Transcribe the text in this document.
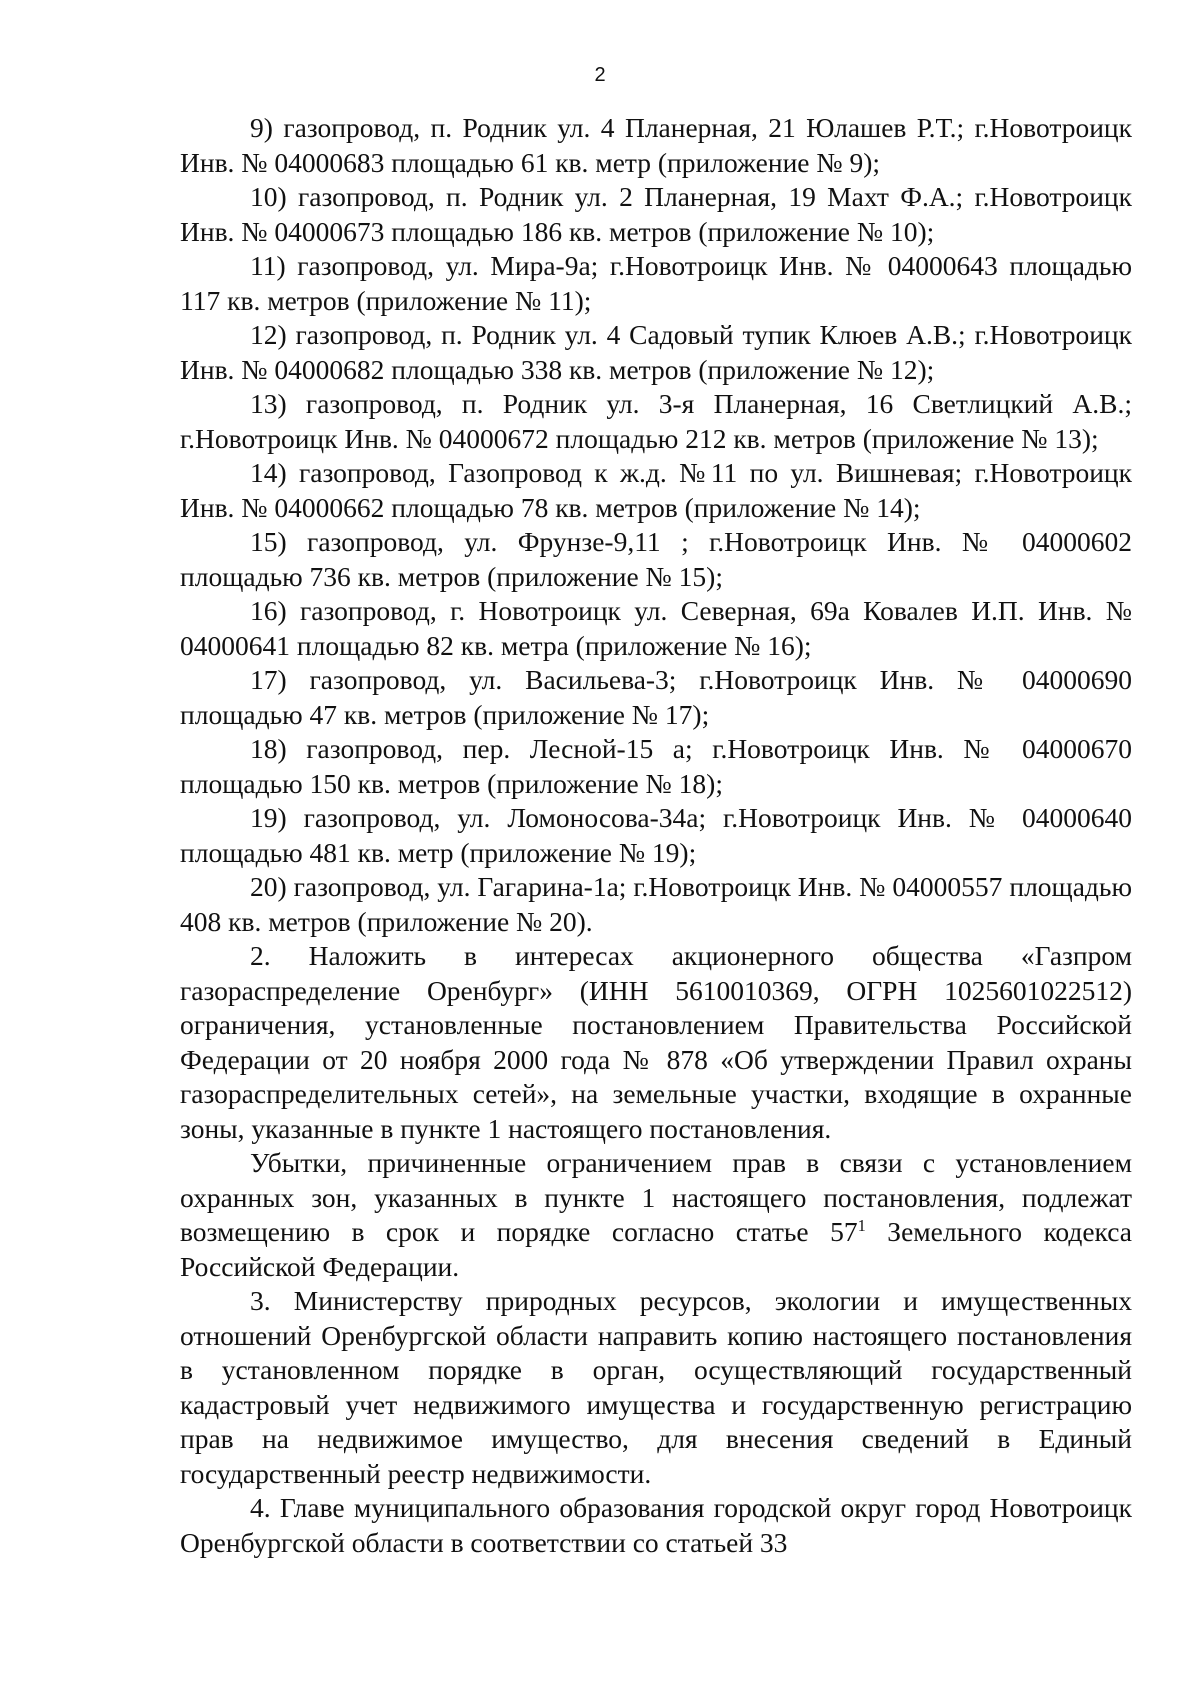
2

9) газопровод, п. Родник ул. 4 Планерная, 21 Юлашев Р.Т.; г.Новотроицк Инв. № 04000683 площадью 61 кв. метр (приложение № 9);

10) газопровод, п. Родник ул. 2 Планерная, 19 Махт Ф.А.; г.Новотроицк Инв. № 04000673 площадью 186 кв. метров (приложение № 10);

11) газопровод, ул. Мира-9а; г.Новотроицк Инв. № 04000643 площадью 117 кв. метров (приложение № 11);

12) газопровод, п. Родник ул. 4 Садовый тупик Клюев А.В.; г.Новотроицк Инв. № 04000682 площадью 338 кв. метров (приложение № 12);

13) газопровод, п. Родник ул. 3-я Планерная, 16 Светлицкий А.В.; г.Новотроицк Инв. № 04000672 площадью 212 кв. метров (приложение № 13);

14) газопровод, Газопровод к ж.д. №11 по ул. Вишневая; г.Новотроицк Инв. № 04000662 площадью 78 кв. метров (приложение № 14);

15) газопровод, ул. Фрунзе-9,11 ; г.Новотроицк Инв. № 04000602 площадью 736 кв. метров (приложение № 15);

16) газопровод, г. Новотроицк ул. Северная, 69а Ковалев И.П. Инв. № 04000641 площадью 82 кв. метра (приложение № 16);

17) газопровод, ул. Васильева-3; г.Новотроицк Инв. № 04000690 площадью 47 кв. метров (приложение № 17);

18) газопровод, пер. Лесной-15 а; г.Новотроицк Инв. № 04000670 площадью 150 кв. метров (приложение № 18);

19) газопровод, ул. Ломоносова-34а; г.Новотроицк Инв. № 04000640 площадью 481 кв. метр (приложение № 19);

20) газопровод, ул. Гагарина-1а; г.Новотроицк Инв. № 04000557 площадью 408 кв. метров (приложение № 20).

2. Наложить в интересах акционерного общества «Газпром газораспределение Оренбург» (ИНН 5610010369, ОГРН 1025601022512) ограничения, установленные постановлением Правительства Российской Федерации от 20 ноября 2000 года № 878 «Об утверждении Правил охраны газораспределительных сетей», на земельные участки, входящие в охранные зоны, указанные в пункте 1 настоящего постановления.

Убытки, причиненные ограничением прав в связи с установлением охранных зон, указанных в пункте 1 настоящего постановления, подлежат возмещению в срок и порядке согласно статье $57^1$ Земельного кодекса Российской Федерации.

3. Министерству природных ресурсов, экологии и имущественных отношений Оренбургской области направить копию настоящего постановления в установленном порядке в орган, осуществляющий государственный кадастровый учет недвижимого имущества и государственную регистрацию прав на недвижимое имущество, для внесения сведений в Единый государственный реестр недвижимости.

4. Главе муниципального образования городской округ город Новотроицк Оренбургской области в соответствии со статьей 33
